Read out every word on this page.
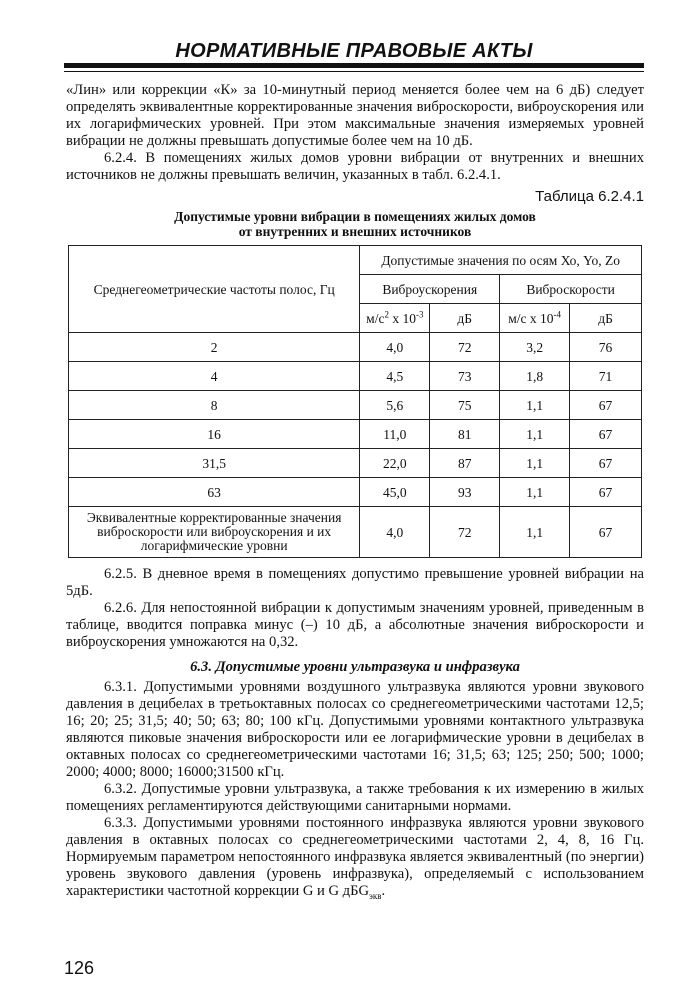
НОРМАТИВНЫЕ ПРАВОВЫЕ АКТЫ

«Лин» или коррекции «К» за 10-минутный период меняется более чем на 6 дБ) следует определять эквивалентные корректированные значения виброскорости, виброускорения или их логарифмических уровней. При этом максимальные значения измеряемых уровней вибрации не должны превышать допустимые более чем на 10 дБ.

6.2.4. В помещениях жилых домов уровни вибрации от внутренних и внешних источников не должны превышать величин, указанных в табл. 6.2.4.1.

Таблица 6.2.4.1
Допустимые уровни вибрации в помещениях жилых домов
от внутренних и внешних источников
Среднегеометрические частоты полос, Гц	Допустимые значения по осям Хо, Yo, Zo			
	Виброускорения		Виброскорости	
	$м/с^2$ х $10^{-3}$	дБ	м/с х $10^{-4}$	дБ
2	4,0	72	3,2	76
4	4,5	73	1,8	71
8	5,6	75	1,1	67
16	11,0	81	1,1	67
31,5	22,0	87	1,1	67
63	45,0	93	1,1	67
Эквивалентные корректированные значения виброскорости или виброускорения и их логарифмические уровни	4,0	72	1,1	67

6.2.5. В дневное время в помещениях допустимо превышение уровней вибрации на 5дБ.

6.2.6. Для непостоянной вибрации к допустимым значениям уровней, приведенным в таблице, вводится поправка минус (–) 10 дБ, а абсолютные значения виброскорости и виброускорения умножаются на 0,32.

6.3. Допустимые уровни ультразвука и инфразвука

6.3.1. Допустимыми уровнями воздушного ультразвука являются уровни звукового давления в децибелах в третьоктавных полосах со среднегеометрическими частотами 12,5; 16; 20; 25; 31,5; 40; 50; 63; 80; 100 кГц. Допустимыми уровнями контактного ультразвука являются пиковые значения виброскорости или ее логарифмические уровни в децибелах в октавных полосах со среднегеометрическими частотами 16; 31,5; 63; 125; 250; 500; 1000; 2000; 4000; 8000; 16000;31500 кГц.

6.3.2. Допустимые уровни ультразвука, а также требования к их измерению в жилых помещениях регламентируются действующими санитарными нормами.

6.3.3. Допустимыми уровнями постоянного инфразвука являются уровни звукового давления в октавных полосах со среднегеометрическими частотами 2, 4, 8, 16 Гц. Нормируемым параметром непостоянного инфразвука является эквивалентный (по энергии) уровень звукового давления (уровень инфразвука), определяемый с использованием характеристики частотной коррекции G и G дБG$_{экв}$.

126
